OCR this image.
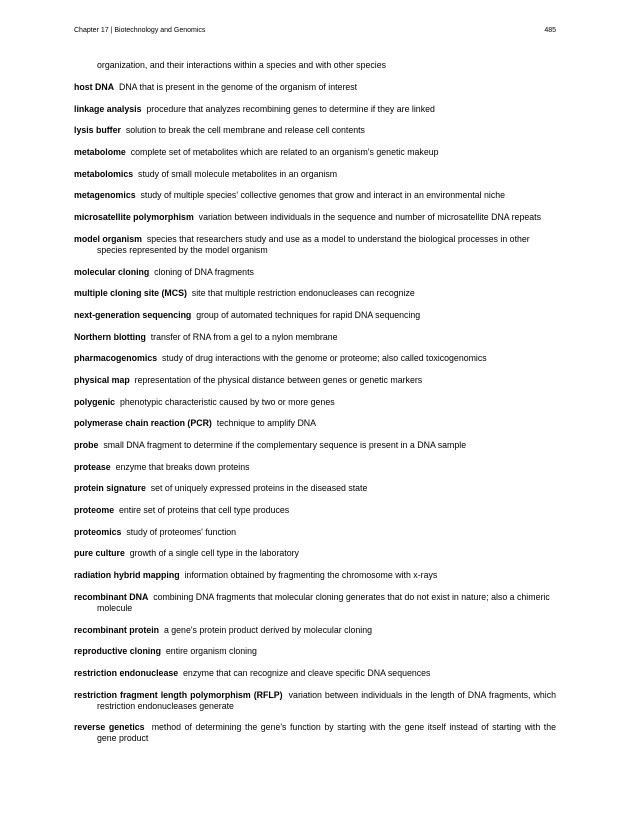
Chapter 17 | Biotechnology and Genomics	485
organization, and their interactions within a species and with other species

host DNA DNA that is present in the genome of the organism of interest

linkage analysis procedure that analyzes recombining genes to determine if they are linked

lysis buffer solution to break the cell membrane and release cell contents

metabolome complete set of metabolites which are related to an organism's genetic makeup

metabolomics study of small molecule metabolites in an organism

metagenomics study of multiple species' collective genomes that grow and interact in an environmental niche

microsatellite polymorphism variation between individuals in the sequence and number of microsatellite DNA repeats

model organism species that researchers study and use as a model to understand the biological processes in other species represented by the model organism

molecular cloning cloning of DNA fragments

multiple cloning site (MCS) site that multiple restriction endonucleases can recognize

next-generation sequencing group of automated techniques for rapid DNA sequencing

Northern blotting transfer of RNA from a gel to a nylon membrane

pharmacogenomics study of drug interactions with the genome or proteome; also called toxicogenomics

physical map representation of the physical distance between genes or genetic markers

polygenic phenotypic characteristic caused by two or more genes

polymerase chain reaction (PCR) technique to amplify DNA

probe small DNA fragment to determine if the complementary sequence is present in a DNA sample

protease enzyme that breaks down proteins

protein signature set of uniquely expressed proteins in the diseased state

proteome entire set of proteins that cell type produces

proteomics study of proteomes' function

pure culture growth of a single cell type in the laboratory

radiation hybrid mapping information obtained by fragmenting the chromosome with x-rays

recombinant DNA combining DNA fragments that molecular cloning generates that do not exist in nature; also a chimeric molecule

recombinant protein a gene's protein product derived by molecular cloning

reproductive cloning entire organism cloning

restriction endonuclease enzyme that can recognize and cleave specific DNA sequences

restriction fragment length polymorphism (RFLP) variation between individuals in the length of DNA fragments, which restriction endonucleases generate

reverse genetics method of determining the gene's function by starting with the gene itself instead of starting with the gene product
